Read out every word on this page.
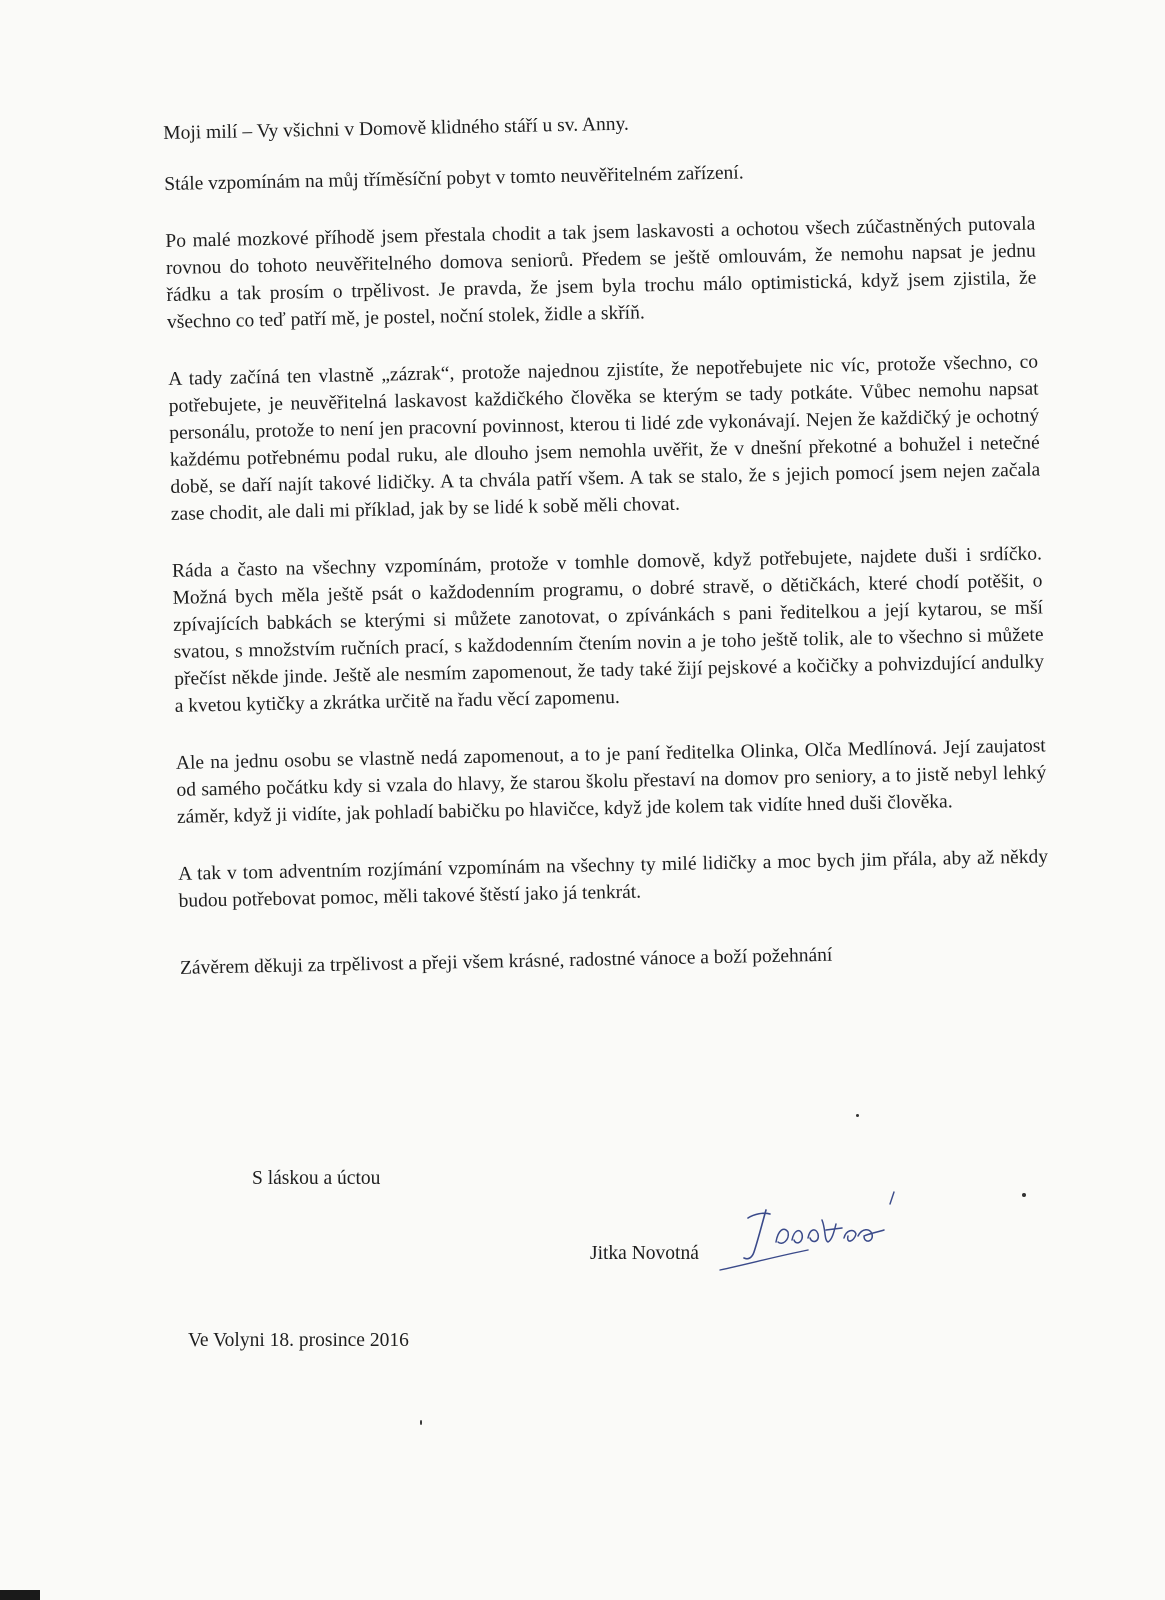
Moji milí – Vy všichni v Domově klidného stáří u sv. Anny.

Stále vzpomínám na můj tříměsíční pobyt v tomto neuvěřitelném zařízení.

Po malé mozkové příhodě jsem přestala chodit a tak jsem laskavosti a ochotou všech zúčastněných putovala rovnou do tohoto neuvěřitelného domova seniorů. Předem se ještě omlouvám, že nemohu napsat je jednu řádku a tak prosím o trpělivost. Je pravda, že jsem byla trochu málo optimistická, když jsem zjistila, že všechno co teď patří mě, je postel, noční stolek, židle a skříň.

A tady začíná ten vlastně „zázrak“, protože najednou zjistíte, že nepotřebujete nic víc, protože všechno, co potřebujete, je neuvěřitelná laskavost každičkého člověka se kterým se tady potkáte. Vůbec nemohu napsat personálu, protože to není jen pracovní povinnost, kterou ti lidé zde vykonávají. Nejen že každičký je ochotný každému potřebnému podal ruku, ale dlouho jsem nemohla uvěřit, že v dnešní překotné a bohužel i netečné době, se daří najít takové lidičky. A ta chvála patří všem. A tak se stalo, že s jejich pomocí jsem nejen začala zase chodit, ale dali mi příklad, jak by se lidé k sobě měli chovat.

Ráda a často na všechny vzpomínám, protože v tomhle domově, když potřebujete, najdete duši i srdíčko. Možná bych měla ještě psát o každodenním programu, o dobré stravě, o dětičkách, které chodí potěšit, o zpívajících babkách se kterými si můžete zanotovat, o zpívánkách s pani ředitelkou a její kytarou, se mší svatou, s množstvím ručních prací, s každodenním čtením novin a je toho ještě tolik, ale to všechno si můžete přečíst někde jinde. Ještě ale nesmím zapomenout, že tady také žijí pejskové a kočičky a pohvizdující andulky a kvetou kytičky a zkrátka určitě na řadu věcí zapomenu.

Ale na jednu osobu se vlastně nedá zapomenout, a to je paní ředitelka Olinka, Olča Medlínová. Její zaujatost od samého počátku kdy si vzala do hlavy, že starou školu přestaví na domov pro seniory, a to jistě nebyl lehký záměr, když ji vidíte, jak pohladí babičku po hlavičce, když jde kolem tak vidíte hned duši člověka.

A tak v tom adventním rozjímání vzpomínám na všechny ty milé lidičky a moc bych jim přála, aby až někdy budou potřebovat pomoc, měli takové štěstí jako já tenkrát.

Závěrem děkuji za trpělivost a přeji všem krásné, radostné vánoce a boží požehnání

S láskou a úctou
Jitka Novotná
Ve Volyni 18. prosince 2016
